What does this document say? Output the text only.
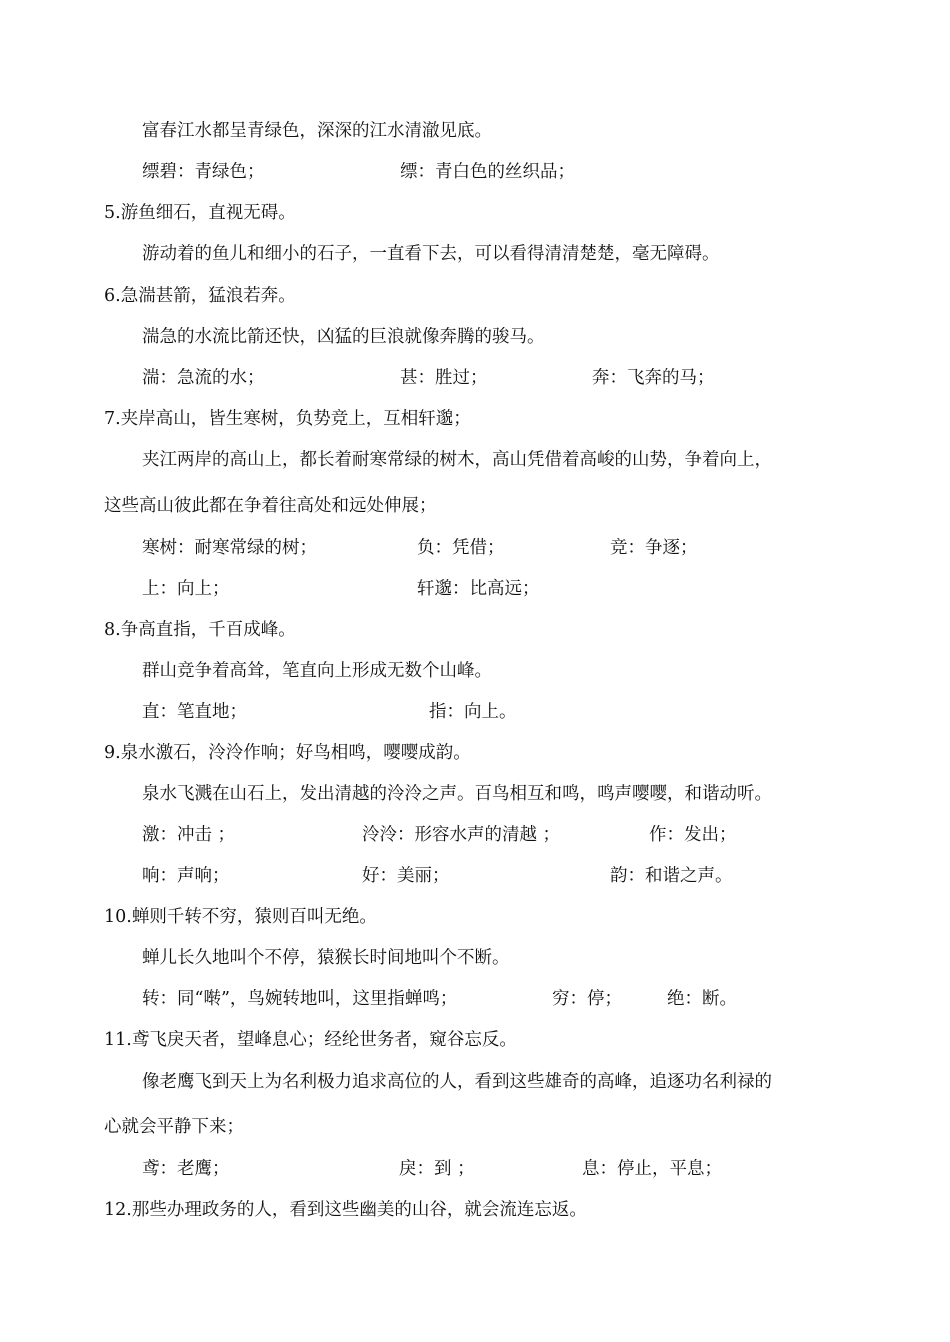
富春江水都呈青绿色，深深的江水清澈见底。
缥碧：青绿色；	缥：青白色的丝织品；
5.游鱼细石，直视无碍。
游动着的鱼儿和细小的石子，一直看下去，可以看得清清楚楚，毫无障碍。
6.急湍甚箭，猛浪若奔。
湍急的水流比箭还快，凶猛的巨浪就像奔腾的骏马。
湍：急流的水；	甚：胜过；	奔：飞奔的马；
7.夹岸高山，皆生寒树，负势竞上，互相轩邈；
夹江两岸的高山上，都长着耐寒常绿的树木，高山凭借着高峻的山势，争着向上，
这些高山彼此都在争着往高处和远处伸展；
寒树：耐寒常绿的树；	负：凭借；	竞：争逐；
上：向上；	轩邈：比高远；
8.争高直指，千百成峰。
群山竞争着高耸，笔直向上形成无数个山峰。
直：笔直地；	指：向上。
9.泉水激石，泠泠作响；好鸟相鸣，嘤嘤成韵。
泉水飞溅在山石上，发出清越的泠泠之声。百鸟相互和鸣，鸣声嘤嘤，和谐动听。
激：冲击 ；	泠泠：形容水声的清越 ；	作：发出；
响：声响；	好：美丽；	韵：和谐之声。
10.蝉则千转不穷，猿则百叫无绝。
蝉儿长久地叫个不停，猿猴长时间地叫个不断。
转：同“啭”，鸟婉转地叫，这里指蝉鸣；	穷：停；	绝：断。
11.鸢飞戾天者，望峰息心；经纶世务者，窥谷忘反。
像老鹰飞到天上为名利极力追求高位的人，看到这些雄奇的高峰，追逐功名利禄的
心就会平静下来；
鸢：老鹰；	戾：到 ；	息：停止，平息；
12.那些办理政务的人，看到这些幽美的山谷，就会流连忘返。
